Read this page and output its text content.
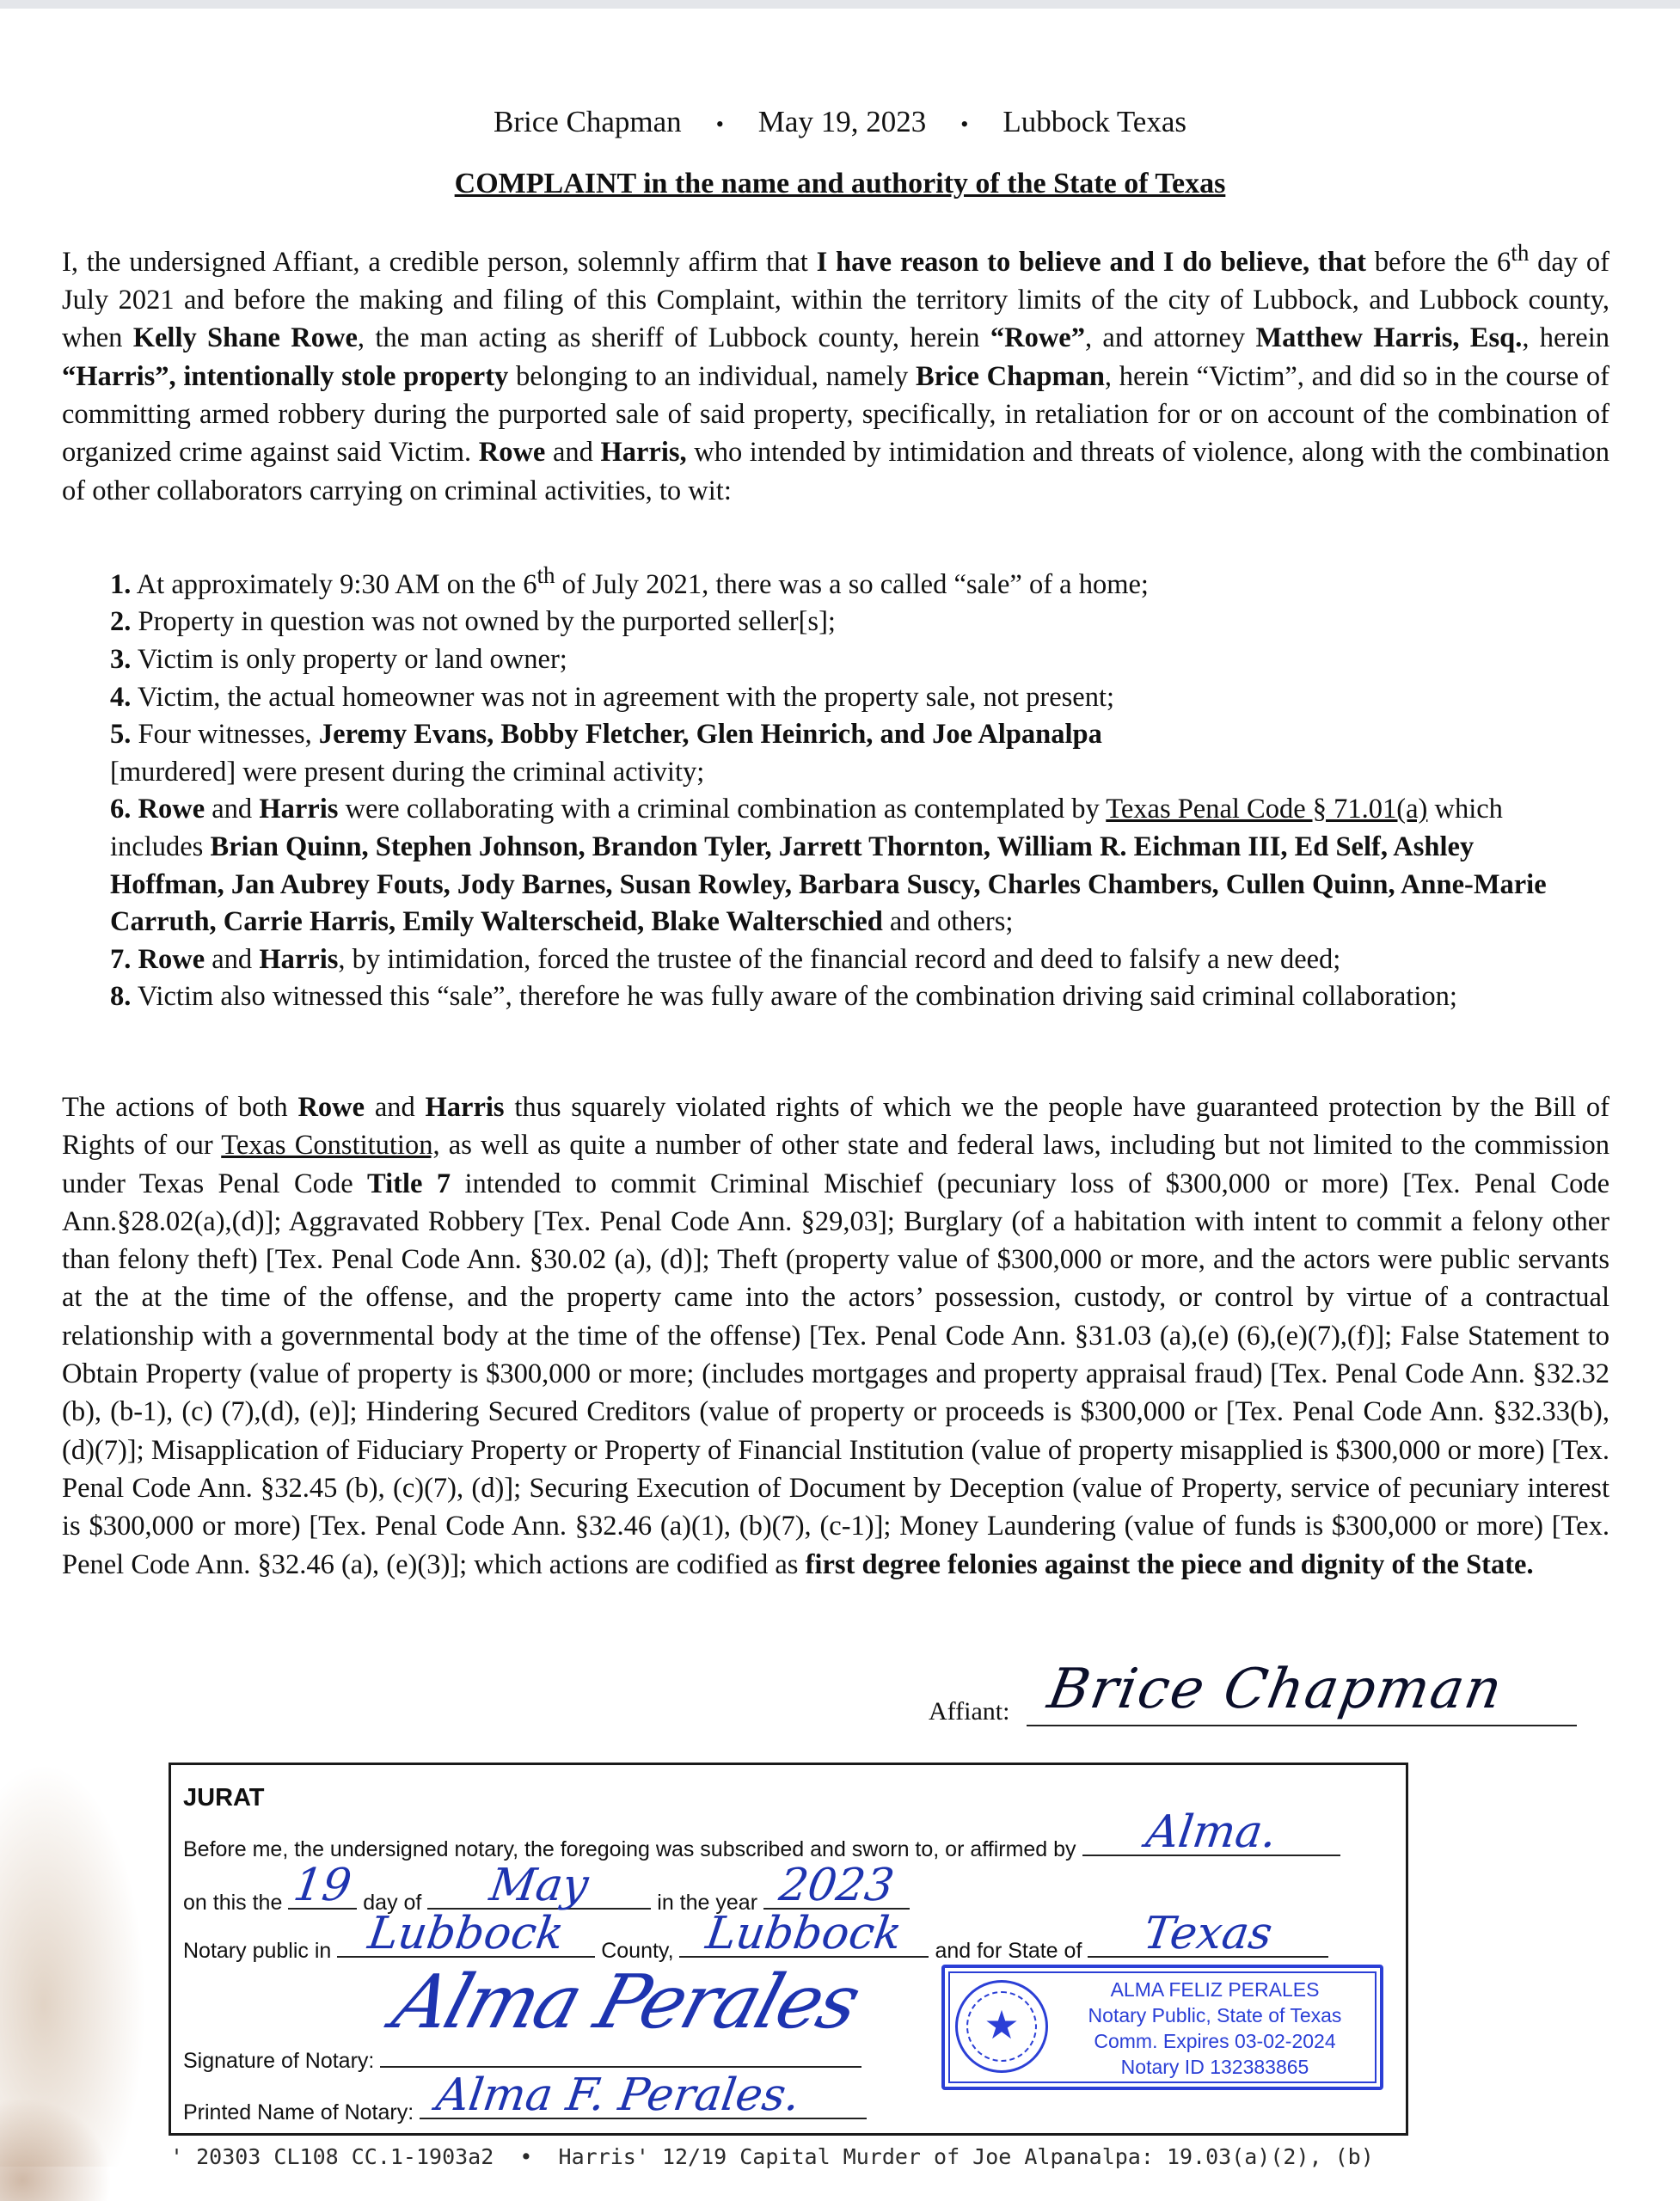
Brice Chapman • May 19, 2023 • Lubbock Texas
COMPLAINT in the name and authority of the State of Texas

I, the undersigned Affiant, a credible person, solemnly affirm that I have reason to believe and I do believe, that before the 6th day of July 2021 and before the making and filing of this Complaint, within the territory limits of the city of Lubbock, and Lubbock county, when Kelly Shane Rowe, the man acting as sheriff of Lubbock county, herein “Rowe”, and attorney Matthew Harris, Esq., herein “Harris”, intentionally stole property belonging to an individual, namely Brice Chapman, herein “Victim”, and did so in the course of committing armed robbery during the purported sale of said property, specifically, in retaliation for or on account of the combination of organized crime against said Victim. Rowe and Harris, who intended by intimidation and threats of violence, along with the combination of other collaborators carrying on criminal activities, to wit:

1. At approximately 9:30 AM on the 6th of July 2021, there was a so called “sale” of a home;
2. Property in question was not owned by the purported seller[s];
3. Victim is only property or land owner;
4. Victim, the actual homeowner was not in agreement with the property sale, not present;
5. Four witnesses, Jeremy Evans, Bobby Fletcher, Glen Heinrich, and Joe Alpanalpa
[murdered] were present during the criminal activity;
6. Rowe and Harris were collaborating with a criminal combination as contemplated by Texas Penal Code § 71.01(a) which includes Brian Quinn, Stephen Johnson, Brandon Tyler, Jarrett Thornton, William R. Eichman III, Ed Self, Ashley Hoffman, Jan Aubrey Fouts, Jody Barnes, Susan Rowley, Barbara Suscy, Charles Chambers, Cullen Quinn, Anne-Marie Carruth, Carrie Harris, Emily Walterscheid, Blake Walterschied and others;
7. Rowe and Harris, by intimidation, forced the trustee of the financial record and deed to falsify a new deed;
8. Victim also witnessed this “sale”, therefore he was fully aware of the combination driving said criminal collaboration;

The actions of both Rowe and Harris thus squarely violated rights of which we the people have guaranteed protection by the Bill of Rights of our Texas Constitution, as well as quite a number of other state and federal laws, including but not limited to the commission under Texas Penal Code Title 7 intended to commit Criminal Mischief (pecuniary loss of $300,000 or more) [Tex. Penal Code Ann.§28.02(a),(d)]; Aggravated Robbery [Tex. Penal Code Ann. §29,03]; Burglary (of a habitation with intent to commit a felony other than felony theft) [Tex. Penal Code Ann. §30.02 (a), (d)]; Theft (property value of $300,000 or more, and the actors were public servants at the at the time of the offense, and the property came into the actors’ possession, custody, or control by virtue of a contractual relationship with a governmental body at the time of the offense) [Tex. Penal Code Ann. §31.03 (a),(e) (6),(e)(7),(f)]; False Statement to Obtain Property (value of property is $300,000 or more; (includes mortgages and property appraisal fraud) [Tex. Penal Code Ann. §32.32 (b), (b-1), (c) (7),(d), (e)]; Hindering Secured Creditors (value of property or proceeds is $300,000 or [Tex. Penal Code Ann. §32.33(b), (d)(7)]; Misapplication of Fiduciary Property or Property of Financial Institution (value of property misapplied is $300,000 or more) [Tex. Penal Code Ann. §32.45 (b), (c)(7), (d)]; Securing Execution of Document by Deception (value of Property, service of pecuniary interest is $300,000 or more) [Tex. Penal Code Ann. §32.46 (a)(1), (b)(7), (c-1)]; Money Laundering (value of funds is $300,000 or more) [Tex. Penel Code Ann. §32.46 (a), (e)(3)]; which actions are codified as first degree felonies against the piece and dignity of the State.

Affiant: Brice Chapman
JURAT
Before me, the undersigned notary, the foregoing was subscribed and sworn to, or affirmed by	Alma.
on this the 19 day of	May	in the year 2023
Notary public in Lubbock	County, Lubbock	and for State of	Texas
Alma Perales
Signature of Notary:
Printed Name of Notary: Alma F. Perales.
★
ALMA FELIZ PERALES
Notary Public, State of Texas
Comm. Expires 03-02-2024
Notary ID 132383865
' 20303 CL108 CC.1-1903a2  •  Harris' 12/19 Capital Murder of Joe Alpanalpa: 19.03(a)(2), (b)
